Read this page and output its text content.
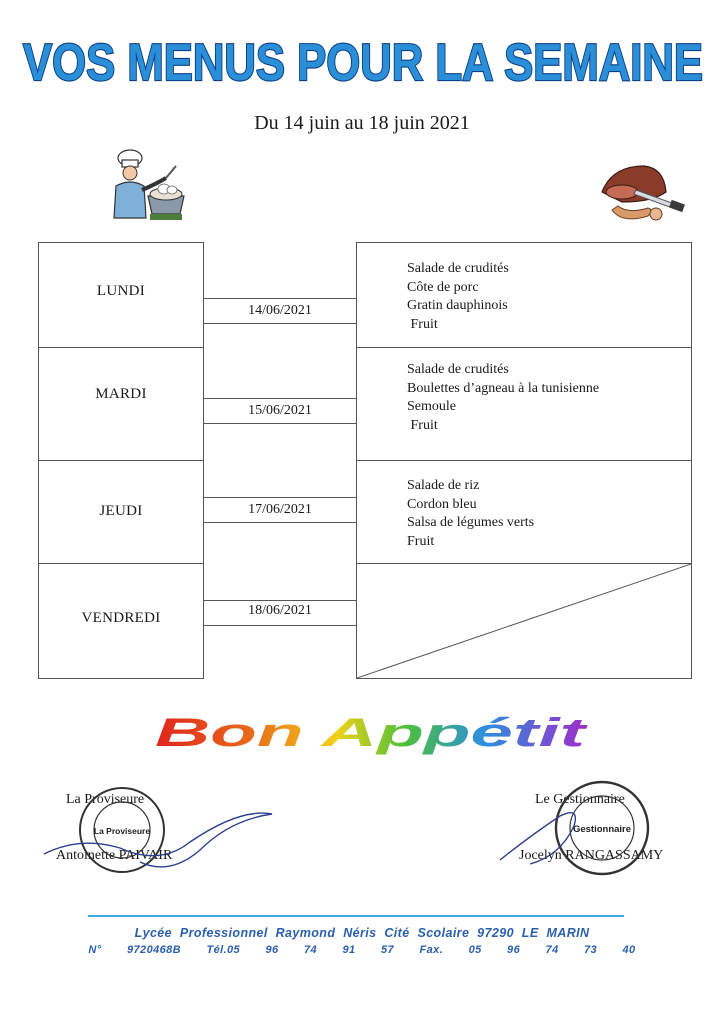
VOS MENUS POUR LA SEMAINE
Du 14 juin au 18 juin 2021
LUNDI
14/06/2021
Salade de crudités
Côte de porc
Gratin dauphinois
Fruit
MARDI
15/06/2021
Salade de crudités
Boulettes d’agneau à la tunisienne
Semoule
Fruit
JEUDI	17/06/2021
Salade de riz
Cordon bleu
Salsa de légumes verts
Fruit
VENDREDI	18/06/2021
Bon Appétit
La Proviseure
Antoinette PAIVAIR
La Proviseure
Le Gestionnaire
Jocelyn RANGASSAMY
Gestionnaire
Lycée Professionnel Raymond Néris Cité Scolaire 97290 LE MARIN
N° 9720468B Tél.05 96 74 91 57 Fax. 05 96 74 73 40
